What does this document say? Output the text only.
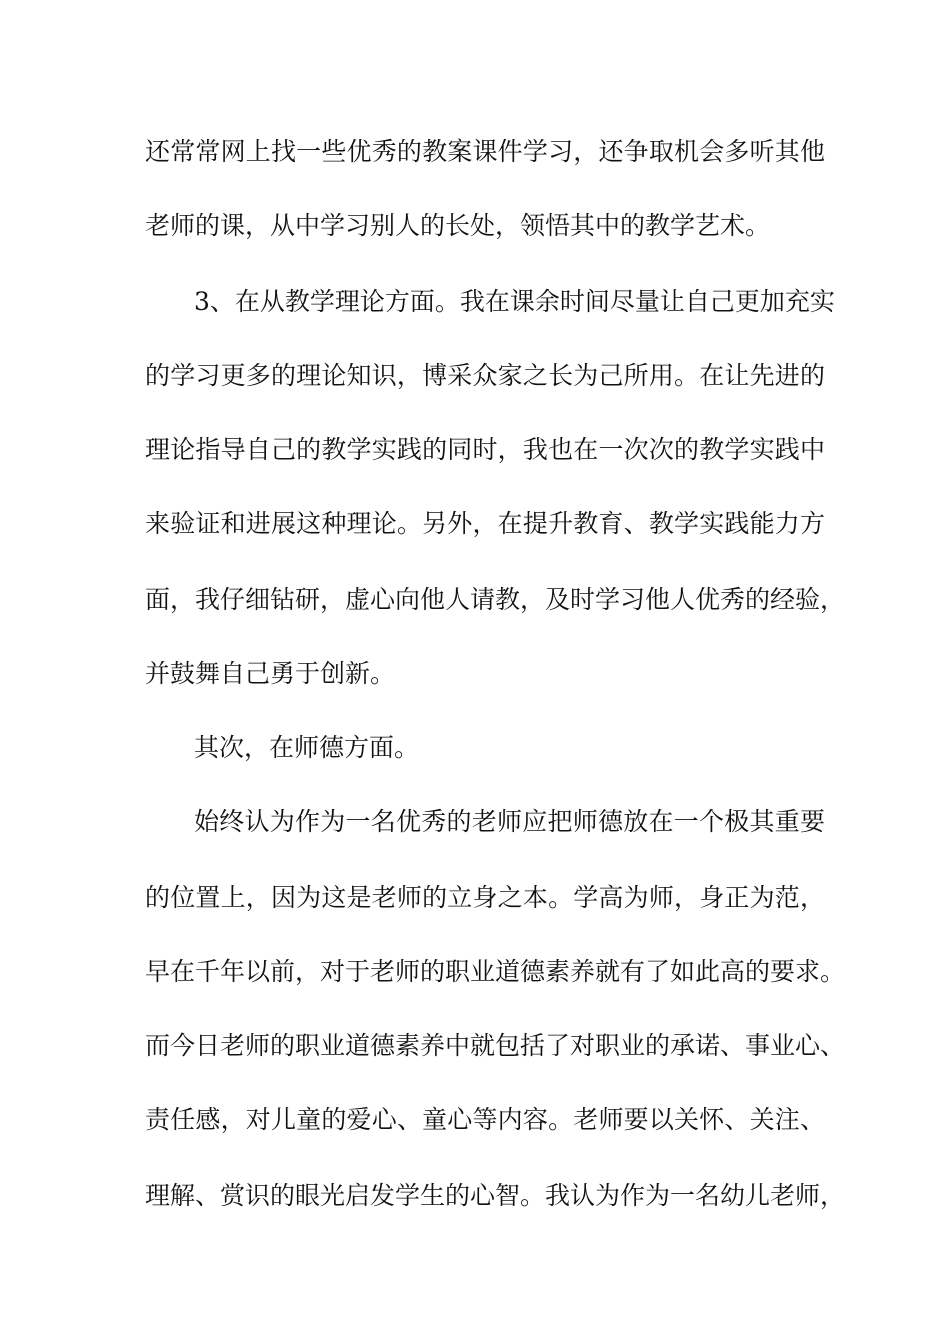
还常常网上找一些优秀的教案课件学习，还争取机会多听其他
老师的课，从中学习别人的长处，领悟其中的教学艺术。
3、在从教学理论方面。我在课余时间尽量让自己更加充实
的学习更多的理论知识，博采众家之长为己所用。在让先进的
理论指导自己的教学实践的同时，我也在一次次的教学实践中
来验证和进展这种理论。另外，在提升教育、教学实践能力方
面，我仔细钻研，虚心向他人请教，及时学习他人优秀的经验，
并鼓舞自己勇于创新。
其次，在师德方面。
始终认为作为一名优秀的老师应把师德放在一个极其重要
的位置上，因为这是老师的立身之本。学高为师，身正为范，
早在千年以前，对于老师的职业道德素养就有了如此高的要求。
而今日老师的职业道德素养中就包括了对职业的承诺、事业心、
责任感，对儿童的爱心、童心等内容。老师要以关怀、关注、
理解、赏识的眼光启发学生的心智。我认为作为一名幼儿老师，
